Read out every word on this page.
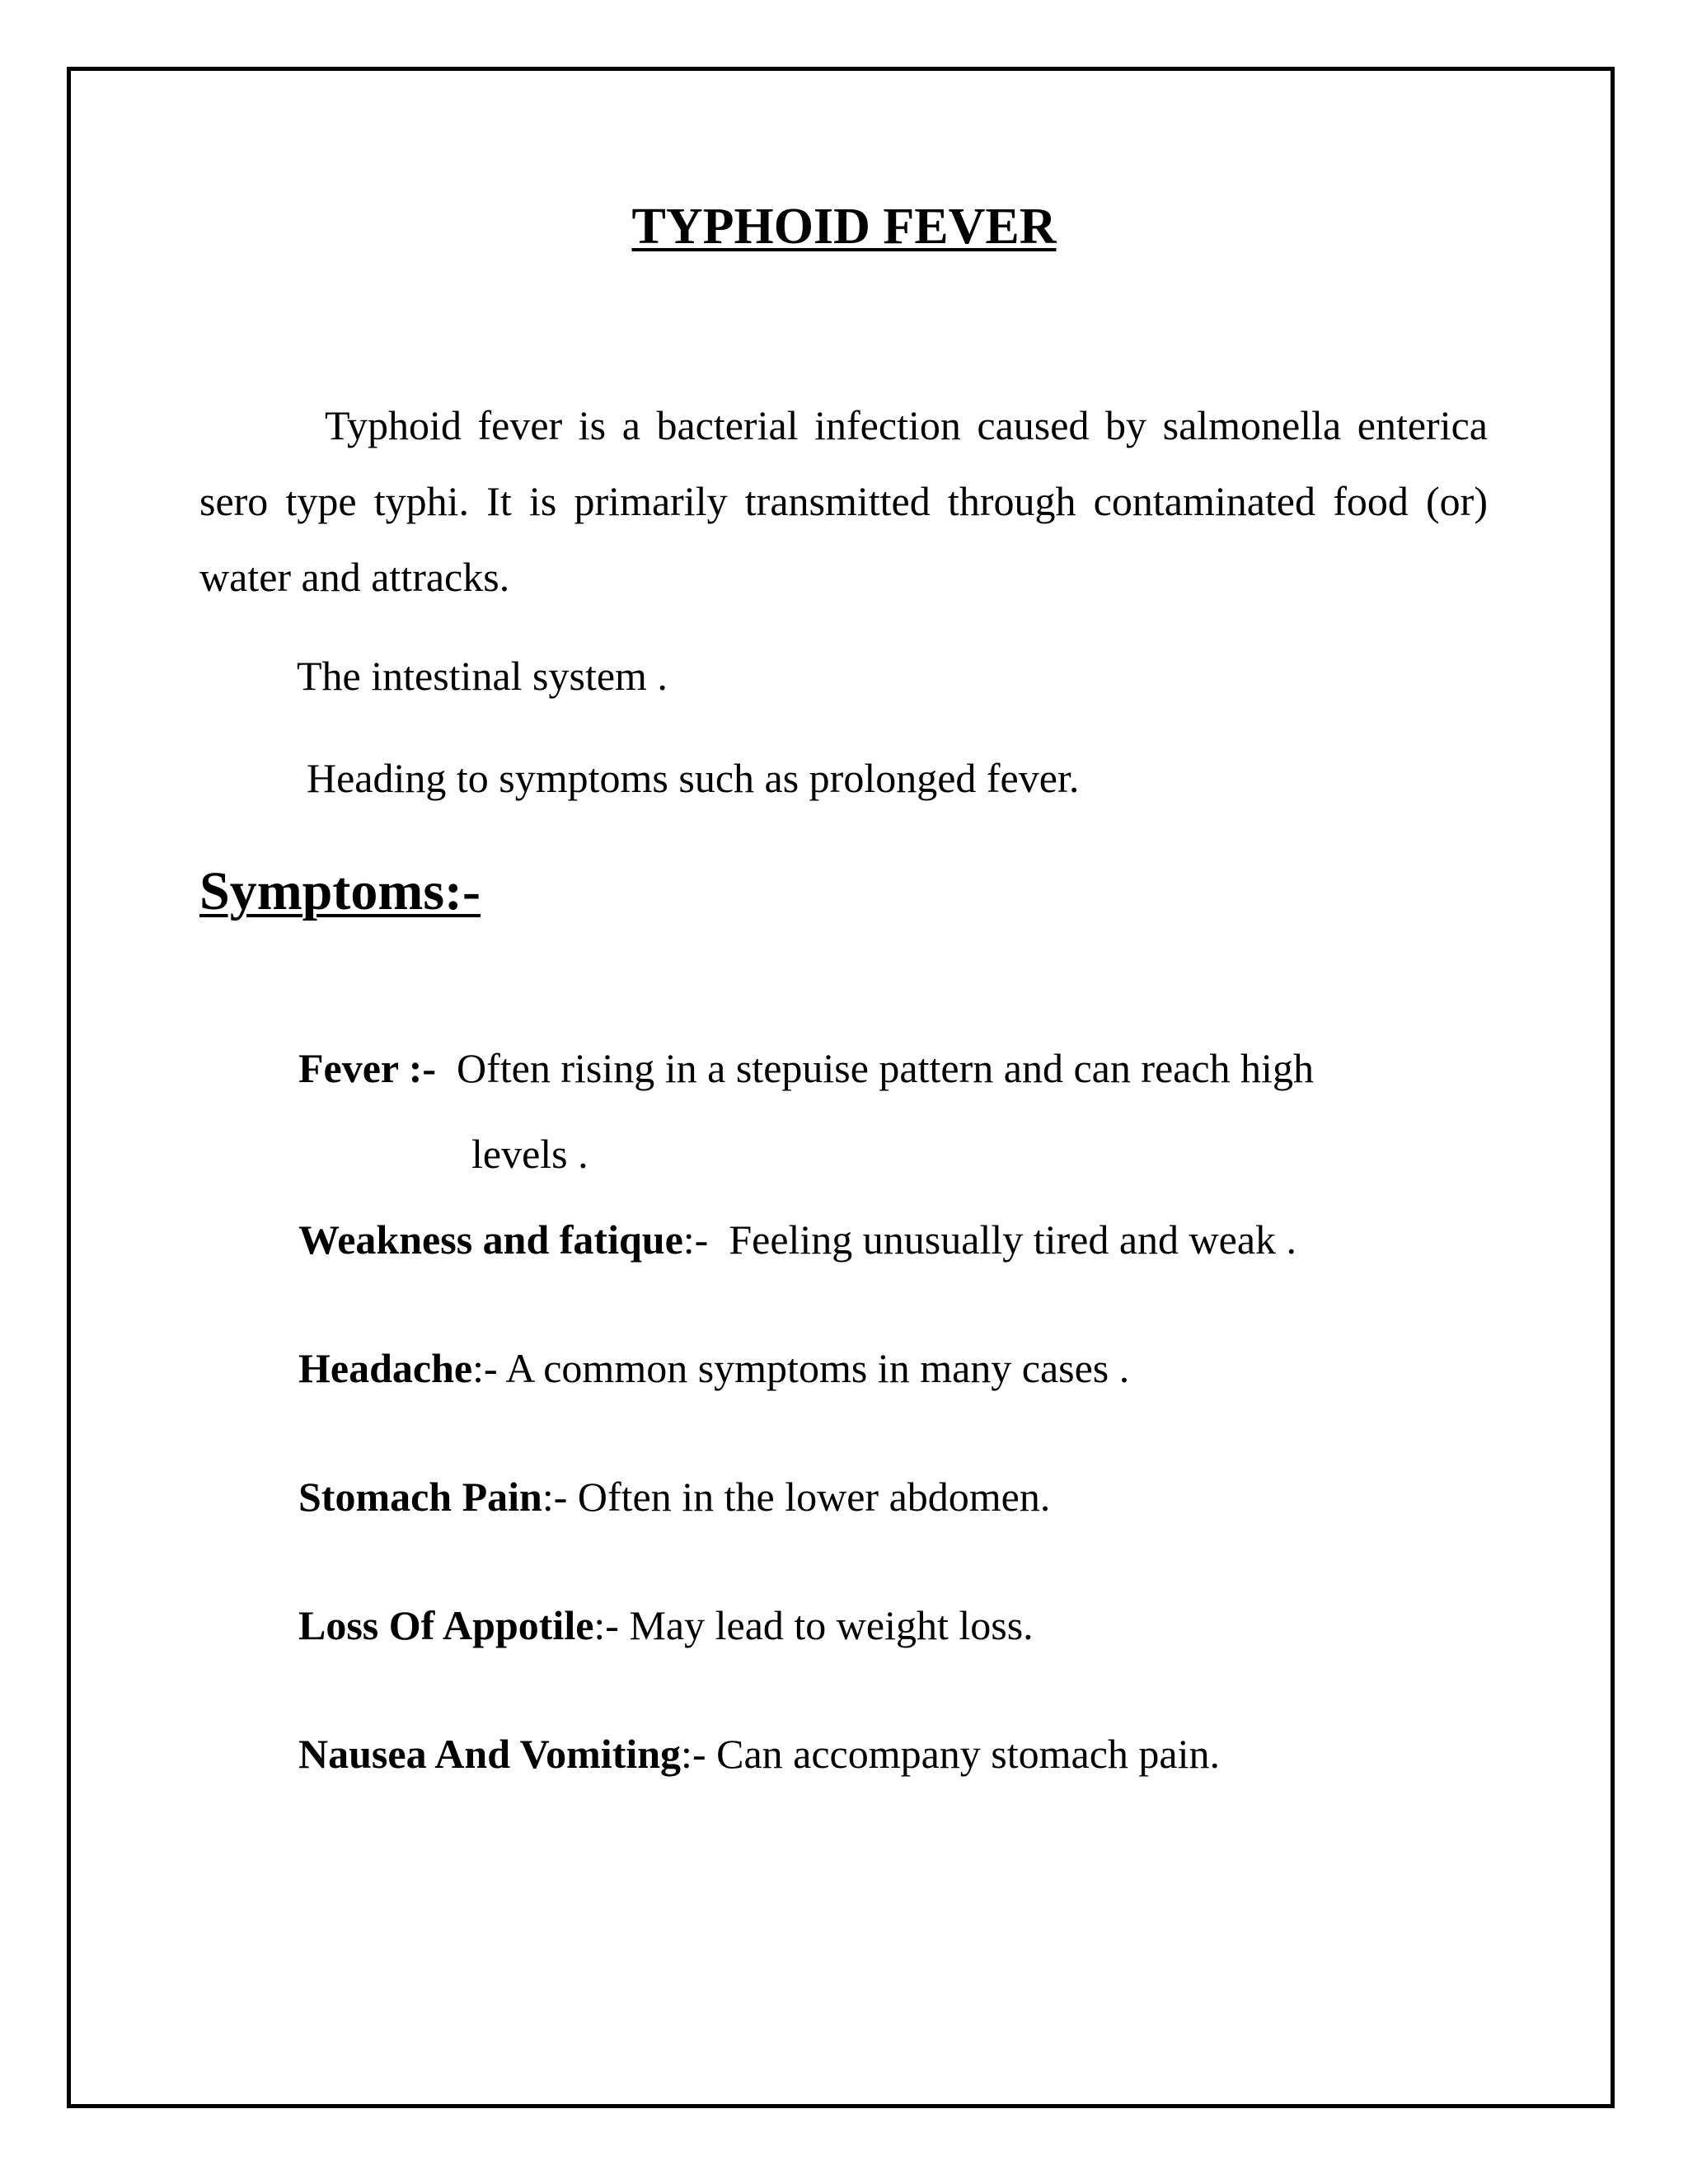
TYPHOID FEVER

Typhoid fever is a bacterial infection caused by salmonella enterica sero type typhi. It is primarily transmitted through contaminated food (or) water and attracks.

The intestinal system .

Heading to symptoms such as prolonged fever.

Symptoms:-
Fever :-  Often rising in a stepuise pattern and can reach high
levels .
Weakness and fatique:-  Feeling unusually tired and weak .
Headache:- A common symptoms in many cases .
Stomach Pain:- Often in the lower abdomen.
Loss Of Appotile:- May lead to weight loss.
Nausea And Vomiting:- Can accompany stomach pain.
